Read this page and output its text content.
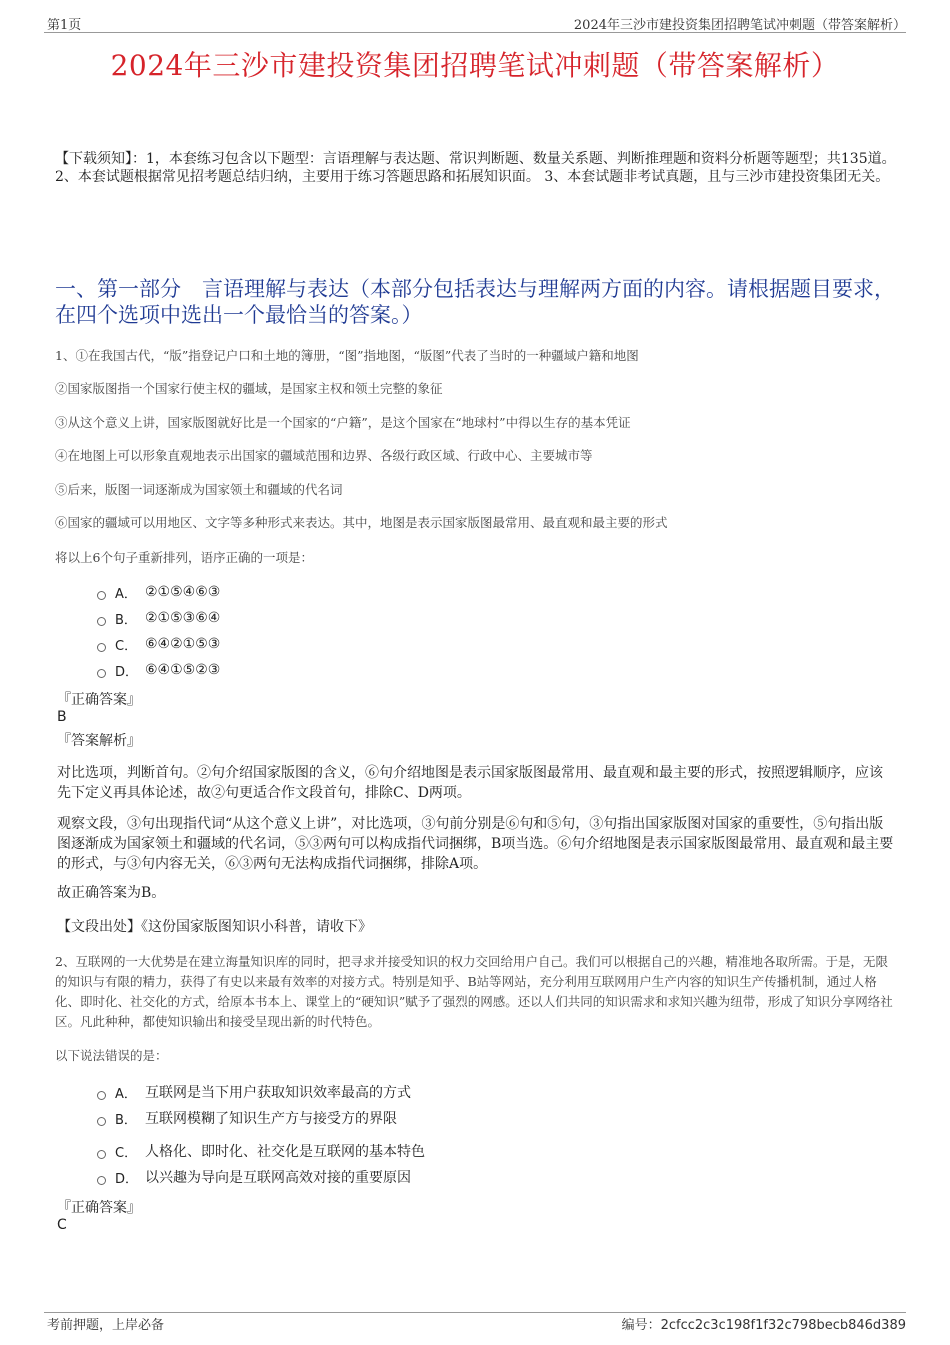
第1页	2024年三沙市建投资集团招聘笔试冲刺题（带答案解析）
2024年三沙市建投资集团招聘笔试冲刺题（带答案解析）
【下载须知】：1，本套练习包含以下题型：言语理解与表达题、常识判断题、数量关系题、判断推理题和资料分析题等题型；共135道。 2、本套试题根据常见招考题总结归纳，主要用于练习答题思路和拓展知识面。 3、本套试题非考试真题，且与三沙市建投资集团无关。
一、第一部分　言语理解与表达（本部分包括表达与理解两方面的内容。请根据题目要求，在四个选项中选出一个最恰当的答案。）
1、①在我国古代，“版”指登记户口和土地的簿册，“图”指地图，“版图”代表了当时的一种疆域户籍和地图
②国家版图指一个国家行使主权的疆域，是国家主权和领土完整的象征
③从这个意义上讲，国家版图就好比是一个国家的“户籍”，是这个国家在“地球村”中得以生存的基本凭证
④在地图上可以形象直观地表示出国家的疆域范围和边界、各级行政区域、行政中心、主要城市等
⑤后来，版图一词逐渐成为国家领土和疆域的代名词
⑥国家的疆域可以用地区、文字等多种形式来表达。其中，地图是表示国家版图最常用、最直观和最主要的形式
将以上6个句子重新排列，语序正确的一项是：
A． ②①⑤④⑥③
B． ②①⑤③⑥④
C． ⑥④②①⑤③
D． ⑥④①⑤②③
『正确答案』
B
『答案解析』
对比选项，判断首句。②句介绍国家版图的含义，⑥句介绍地图是表示国家版图最常用、最直观和最主要的形式，按照逻辑顺序，应该先下定义再具体论述，故②句更适合作文段首句，排除C、D两项。
观察文段，③句出现指代词“从这个意义上讲”，对比选项，③句前分别是⑥句和⑤句，③句指出国家版图对国家的重要性，⑤句指出版图逐渐成为国家领土和疆域的代名词，⑤③两句可以构成指代词捆绑，B项当选。⑥句介绍地图是表示国家版图最常用、最直观和最主要的形式，与③句内容无关，⑥③两句无法构成指代词捆绑，排除A项。
故正确答案为B。
【文段出处】《这份国家版图知识小科普，请收下》
2、互联网的一大优势是在建立海量知识库的同时，把寻求并接受知识的权力交回给用户自己。我们可以根据自己的兴趣，精准地各取所需。于是，无限的知识与有限的精力，获得了有史以来最有效率的对接方式。特别是知乎、B站等网站，充分利用互联网用户生产内容的知识生产传播机制，通过人格化、即时化、社交化的方式，给原本书本上、课堂上的“硬知识”赋予了强烈的网感。还以人们共同的知识需求和求知兴趣为纽带，形成了知识分享网络社区。凡此种种，都使知识输出和接受呈现出新的时代特色。
以下说法错误的是：
A． 互联网是当下用户获取知识效率最高的方式
B． 互联网模糊了知识生产方与接受方的界限
C． 人格化、即时化、社交化是互联网的基本特色
D． 以兴趣为导向是互联网高效对接的重要原因
『正确答案』
C
考前押题，上岸必备	编号：2cfcc2c3c198f1f32c798becb846d389
